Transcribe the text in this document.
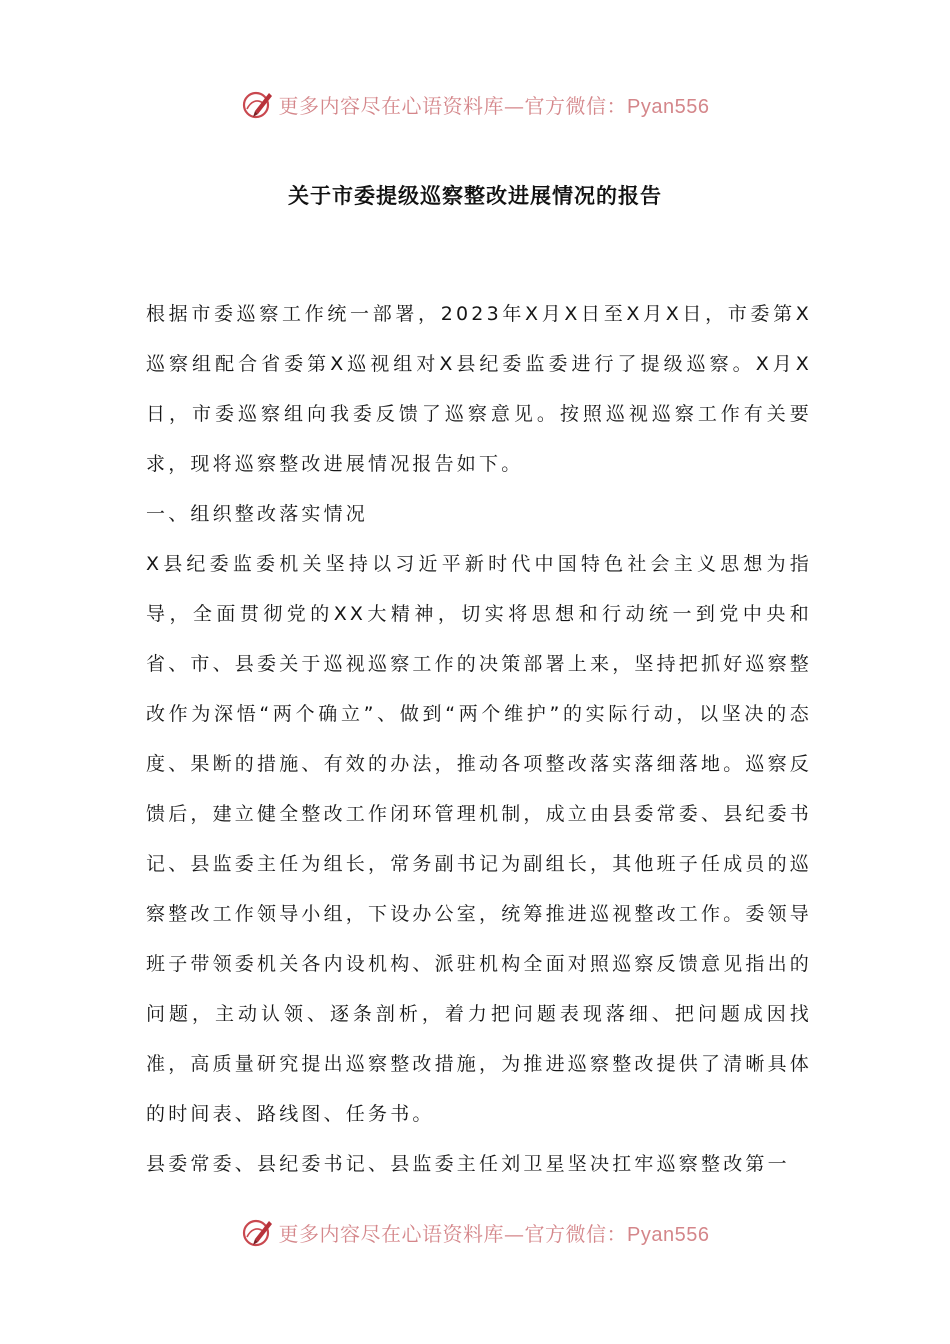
更多内容尽在心语资料库—官方微信：Pyan556
关于市委提级巡察整改进展情况的报告

根据市委巡察工作统一部署，2023年X月X日至X月X日，市委第X巡察组配合省委第X巡视组对X县纪委监委进行了提级巡察。X月X日，市委巡察组向我委反馈了巡察意见。按照巡视巡察工作有关要求，现将巡察整改进展情况报告如下。

一、组织整改落实情况

X县纪委监委机关坚持以习近平新时代中国特色社会主义思想为指导，全面贯彻党的XX大精神，切实将思想和行动统一到党中央和省、市、县委关于巡视巡察工作的决策部署上来，坚持把抓好巡察整改作为深悟“两个确立”、做到“两个维护”的实际行动，以坚决的态度、果断的措施、有效的办法，推动各项整改落实落细落地。巡察反馈后，建立健全整改工作闭环管理机制，成立由县委常委、县纪委书记、县监委主任为组长，常务副书记为副组长，其他班子任成员的巡察整改工作领导小组，下设办公室，统筹推进巡视整改工作。委领导班子带领委机关各内设机构、派驻机构全面对照巡察反馈意见指出的问题，主动认领、逐条剖析，着力把问题表现落细、把问题成因找准，高质量研究提出巡察整改措施，为推进巡察整改提供了清晰具体的时间表、路线图、任务书。

县委常委、县纪委书记、县监委主任刘卫星坚决扛牢巡察整改第一

更多内容尽在心语资料库—官方微信：Pyan556
